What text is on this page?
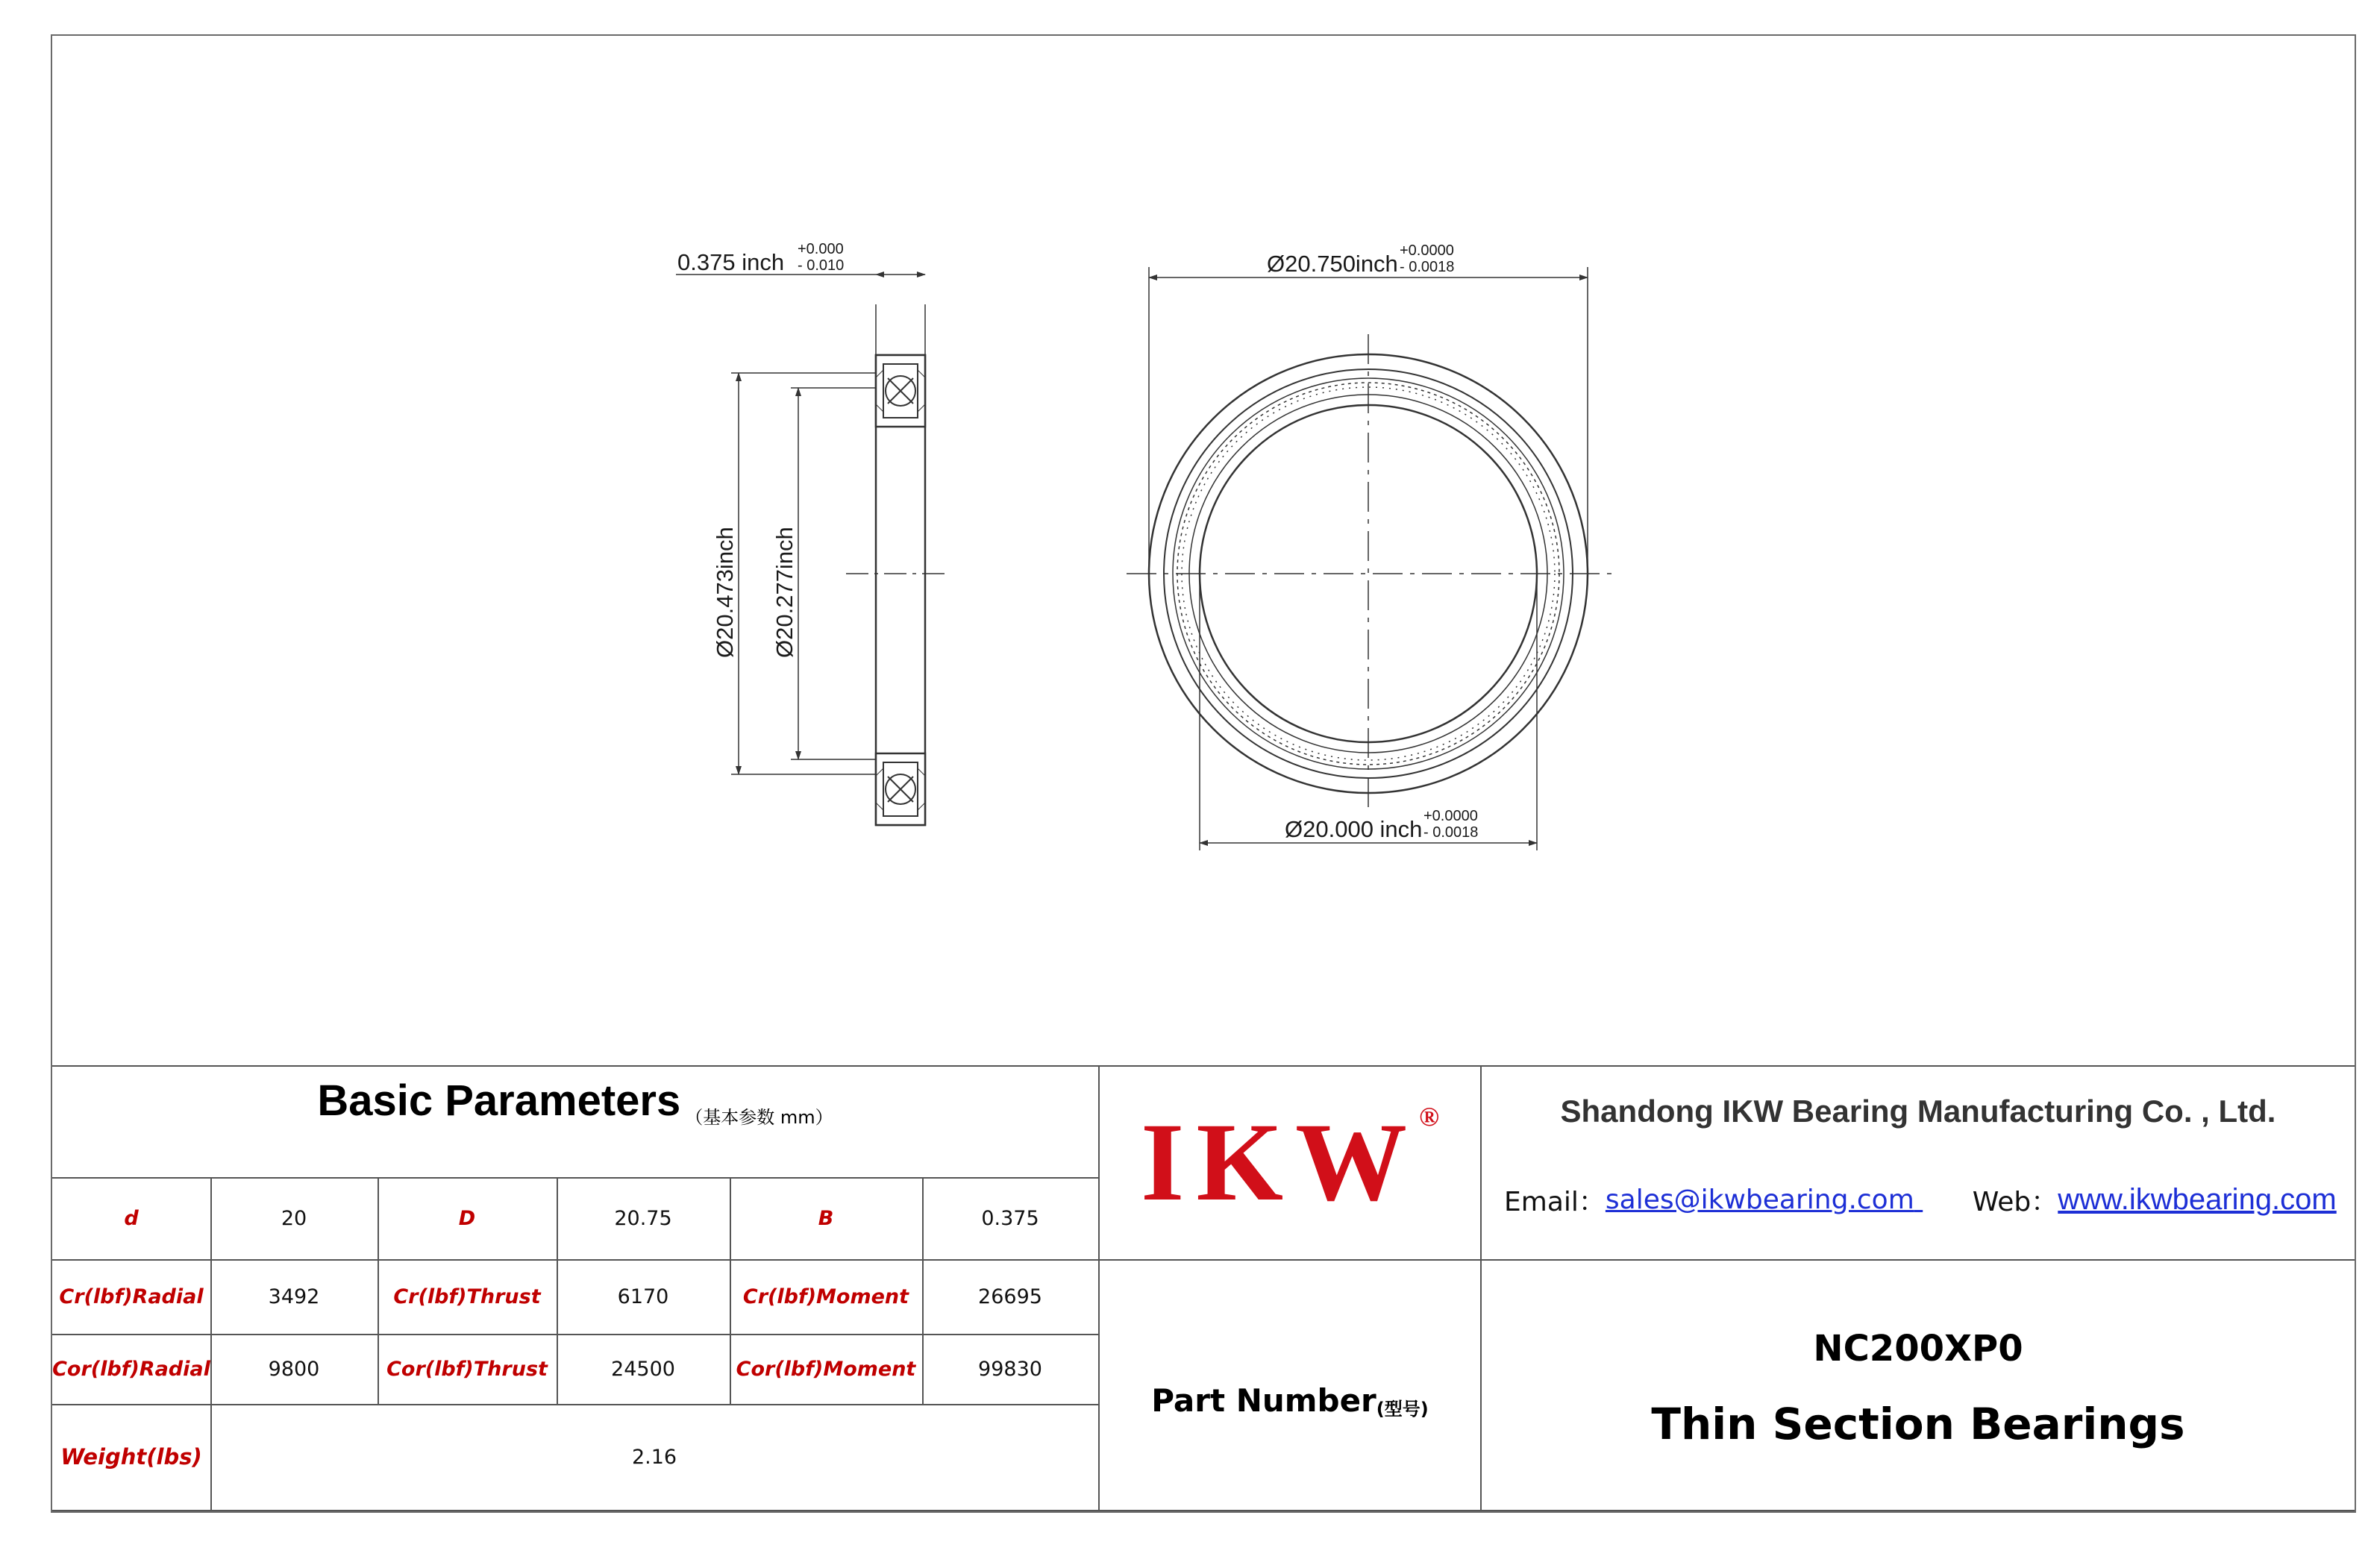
0.375 inch +0.000
- 0.010
Ø20.473inch Ø20.277inch
Ø20.750inch +0.0000
- 0.0018
Ø20.000 inch +0.0000
- 0.0018
Basic Parameters （基本参数 mm）
d	20	D	20.75	B	0.375
Cr(lbf)Radial	3492	Cr(lbf)Thrust	6170	Cr(lbf)Moment	26695
Cor(lbf)Radial	9800	Cor(lbf)Thrust	24500	Cor(lbf)Moment	99830
Weight(lbs)	2.16
IKW ®
Part Number (型号)
Shandong IKW Bearing Manufacturing Co. , Ltd.
Email： sales@ikwbearing.com
Web： www.ikwbearing.com
NC200XP0
Thin Section Bearings
